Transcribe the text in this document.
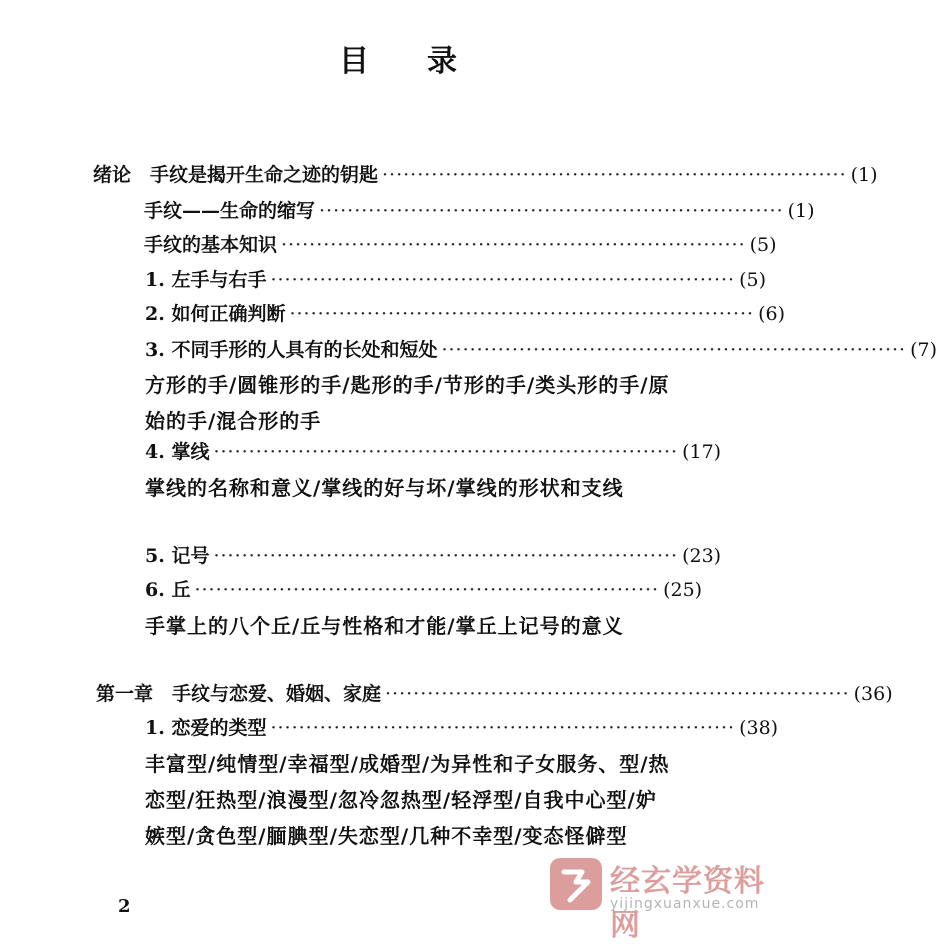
目录
绪论　手纹是揭开生命之迹的钥匙 ·································································· (1)
手纹——生命的缩写 ·································································· (1)
手纹的基本知识 ·································································· (5)
1. 左手与右手 ·································································· (5)
2. 如何正确判断 ·································································· (6)
3. 不同手形的人具有的长处和短处 ·································································· (7)
方形的手/圆锥形的手/匙形的手/节形的手/类头形的手/原始的手/混合形的手
4. 掌线 ·································································· (17)
掌线的名称和意义/掌线的好与坏/掌线的形状和支线
5. 记号 ·································································· (23)
6. 丘 ·································································· (25)
手掌上的八个丘/丘与性格和才能/掌丘上记号的意义
第一章　手纹与恋爱、婚姻、家庭 ·································································· (36)
1. 恋爱的类型 ·································································· (38)
丰富型/纯情型/幸福型/成婚型/为异性和子女服务、型/热恋型/狂热型/浪漫型/忽冷忽热型/轻浮型/自我中心型/妒嫉型/贪色型/腼腆型/失恋型/几种不幸型/变态怪僻型
2
经玄学资料网
yijingxuanxue.com
